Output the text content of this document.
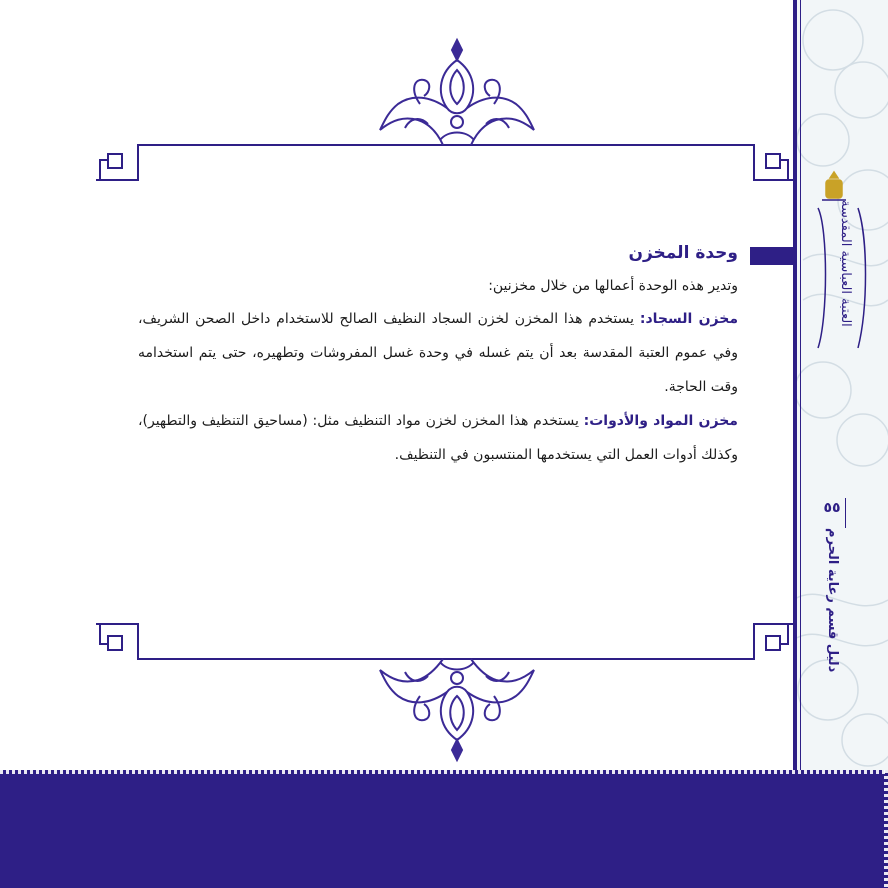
العتبة العباسية المقدسة
٥٥
دليل قسم رعاية الحرم
وحدة المخزن

وتدير هذه الوحدة أعمالها من خلال مخزنين:

مخزن السجاد: يستخدم هذا المخزن لخزن السجاد النظيف الصالح للاستخدام داخل الصحن الشريف، وفي عموم العتبة المقدسة بعد أن يتم غسله في وحدة غسل المفروشات وتطهيره، حتى يتم استخدامه وقت الحاجة.

مخزن المواد والأدوات: يستخدم هذا المخزن لخزن مواد التنظيف مثل: (مساحيق التنظيف والتطهير)، وكذلك أدوات العمل التي يستخدمها المنتسبون في التنظيف.
